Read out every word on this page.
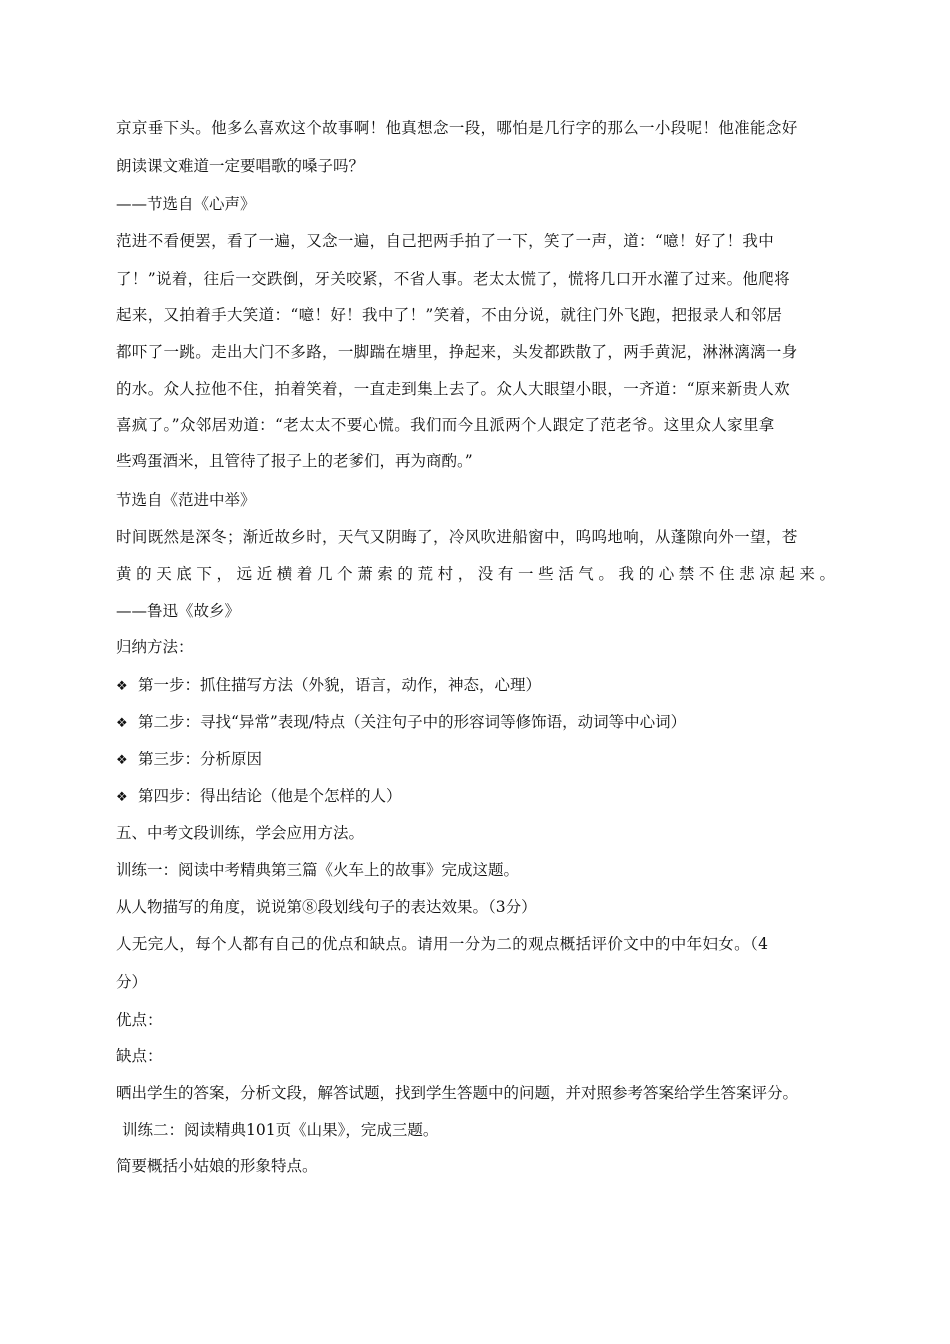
京京垂下头。他多么喜欢这个故事啊！他真想念一段，哪怕是几行字的那么一小段呢！他准能念好
朗读课文难道一定要唱歌的嗓子吗？
——节选自《心声》
范进不看便罢，看了一遍，又念一遍，自己把两手拍了一下，笑了一声，道：“噫！好了！我中
了！”说着，往后一交跌倒，牙关咬紧，不省人事。老太太慌了，慌将几口开水灌了过来。他爬将
起来，又拍着手大笑道：“噫！好！我中了！”笑着，不由分说，就往门外飞跑，把报录人和邻居
都吓了一跳。走出大门不多路，一脚踹在塘里，挣起来，头发都跌散了，两手黄泥，淋淋漓漓一身
的水。众人拉他不住，拍着笑着，一直走到集上去了。众人大眼望小眼，一齐道：“原来新贵人欢
喜疯了。”众邻居劝道：“老太太不要心慌。我们而今且派两个人跟定了范老爷。这里众人家里拿
些鸡蛋酒米，且管待了报子上的老爹们，再为商酌。”
节选自《范进中举》
时间既然是深冬；渐近故乡时，天气又阴晦了，冷风吹进船窗中，呜呜地响，从蓬隙向外一望，苍
黄的天底下，远近横着几个萧索的荒村，没有一些活气。我的心禁不住悲凉起来。
——鲁迅《故乡》
归纳方法：
❖ 第一步：抓住描写方法（外貌，语言，动作，神态，心理）
❖ 第二步：寻找“异常”表现/特点（关注句子中的形容词等修饰语，动词等中心词）
❖ 第三步：分析原因
❖ 第四步：得出结论（他是个怎样的人）
五、中考文段训练，学会应用方法。
训练一：阅读中考精典第三篇《火车上的故事》完成这题。
从人物描写的角度，说说第⑧段划线句子的表达效果。（3分）
人无完人，每个人都有自己的优点和缺点。请用一分为二的观点概括评价文中的中年妇女。（4
分）
优点：
缺点：
晒出学生的答案，分析文段，解答试题，找到学生答题中的问题，并对照参考答案给学生答案评分。
训练二：阅读精典101页《山果》，完成三题。
简要概括小姑娘的形象特点。
